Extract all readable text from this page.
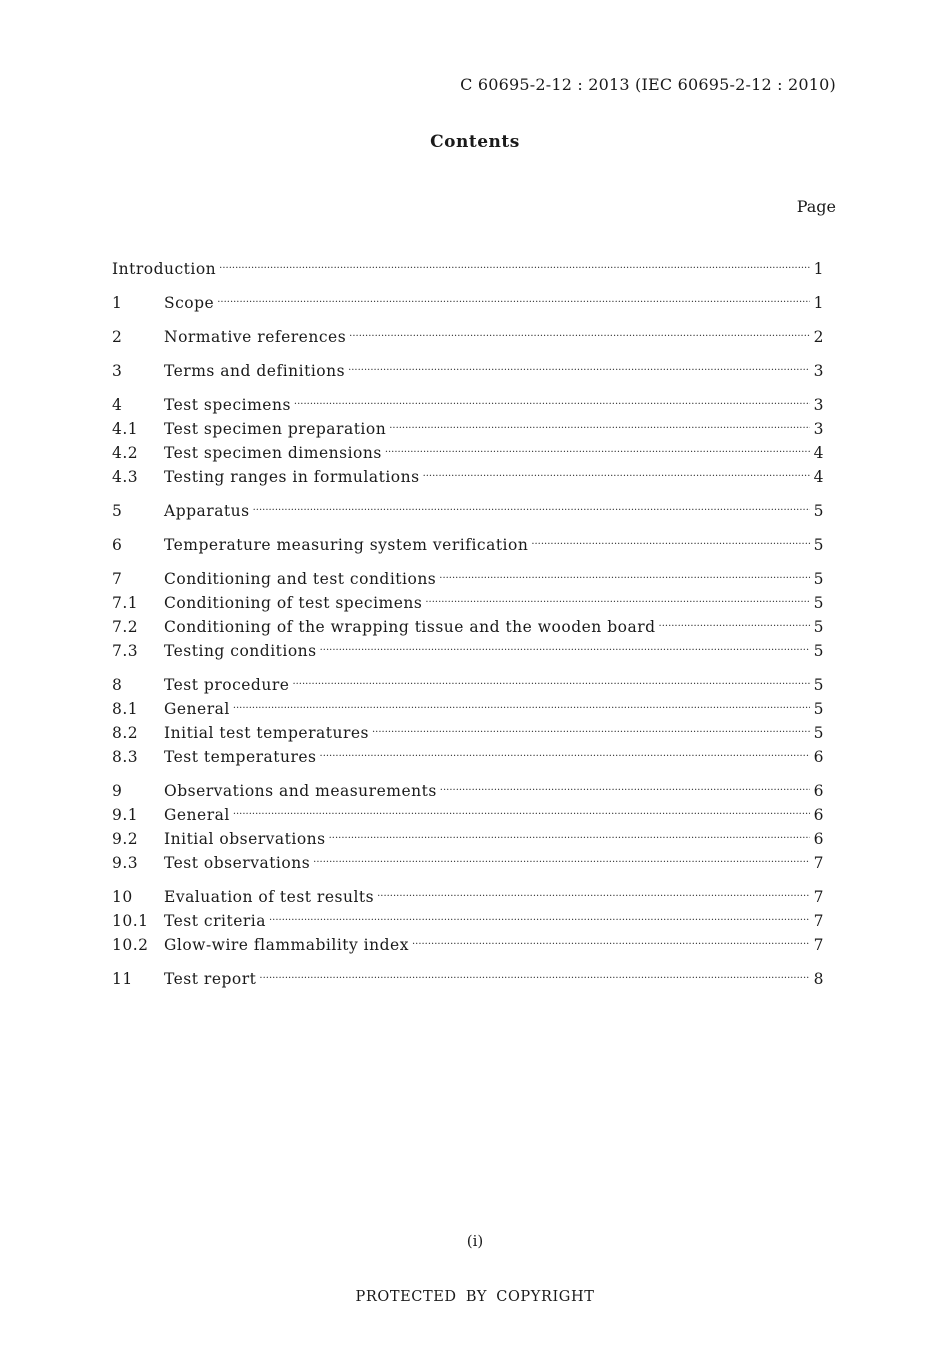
C 60695-2-12 : 2013 (IEC 60695-2-12 : 2010)
Contents
Page
Introduction ·····	1
1	Scope ·····	1
2	Normative references ·····	2
3	Terms and definitions ·····	3
4	Test specimens ·····	3
4.1	Test specimen preparation ·····	3
4.2	Test specimen dimensions ·····	4
4.3	Testing ranges in formulations ·····	4
5	Apparatus ·····	5
6	Temperature measuring system verification ·····	5
7	Conditioning and test conditions ·····	5
7.1	Conditioning of test specimens ·····	5
7.2	Conditioning of the wrapping tissue and the wooden board ·····	5
7.3	Testing conditions ·····	5
8	Test procedure ·····	5
8.1	General ·····	5
8.2	Initial test temperatures ·····	5
8.3	Test temperatures ·····	6
9	Observations and measurements ·····	6
9.1	General ·····	6
9.2	Initial observations ·····	6
9.3	Test observations ·····	7
10	Evaluation of test results ·····	7
10.1 Test criteria ·····	7
10.2 Glow-wire flammability index ·····	7
11	Test report ·····	8
(i)
PROTECTED BY COPYRIGHT
